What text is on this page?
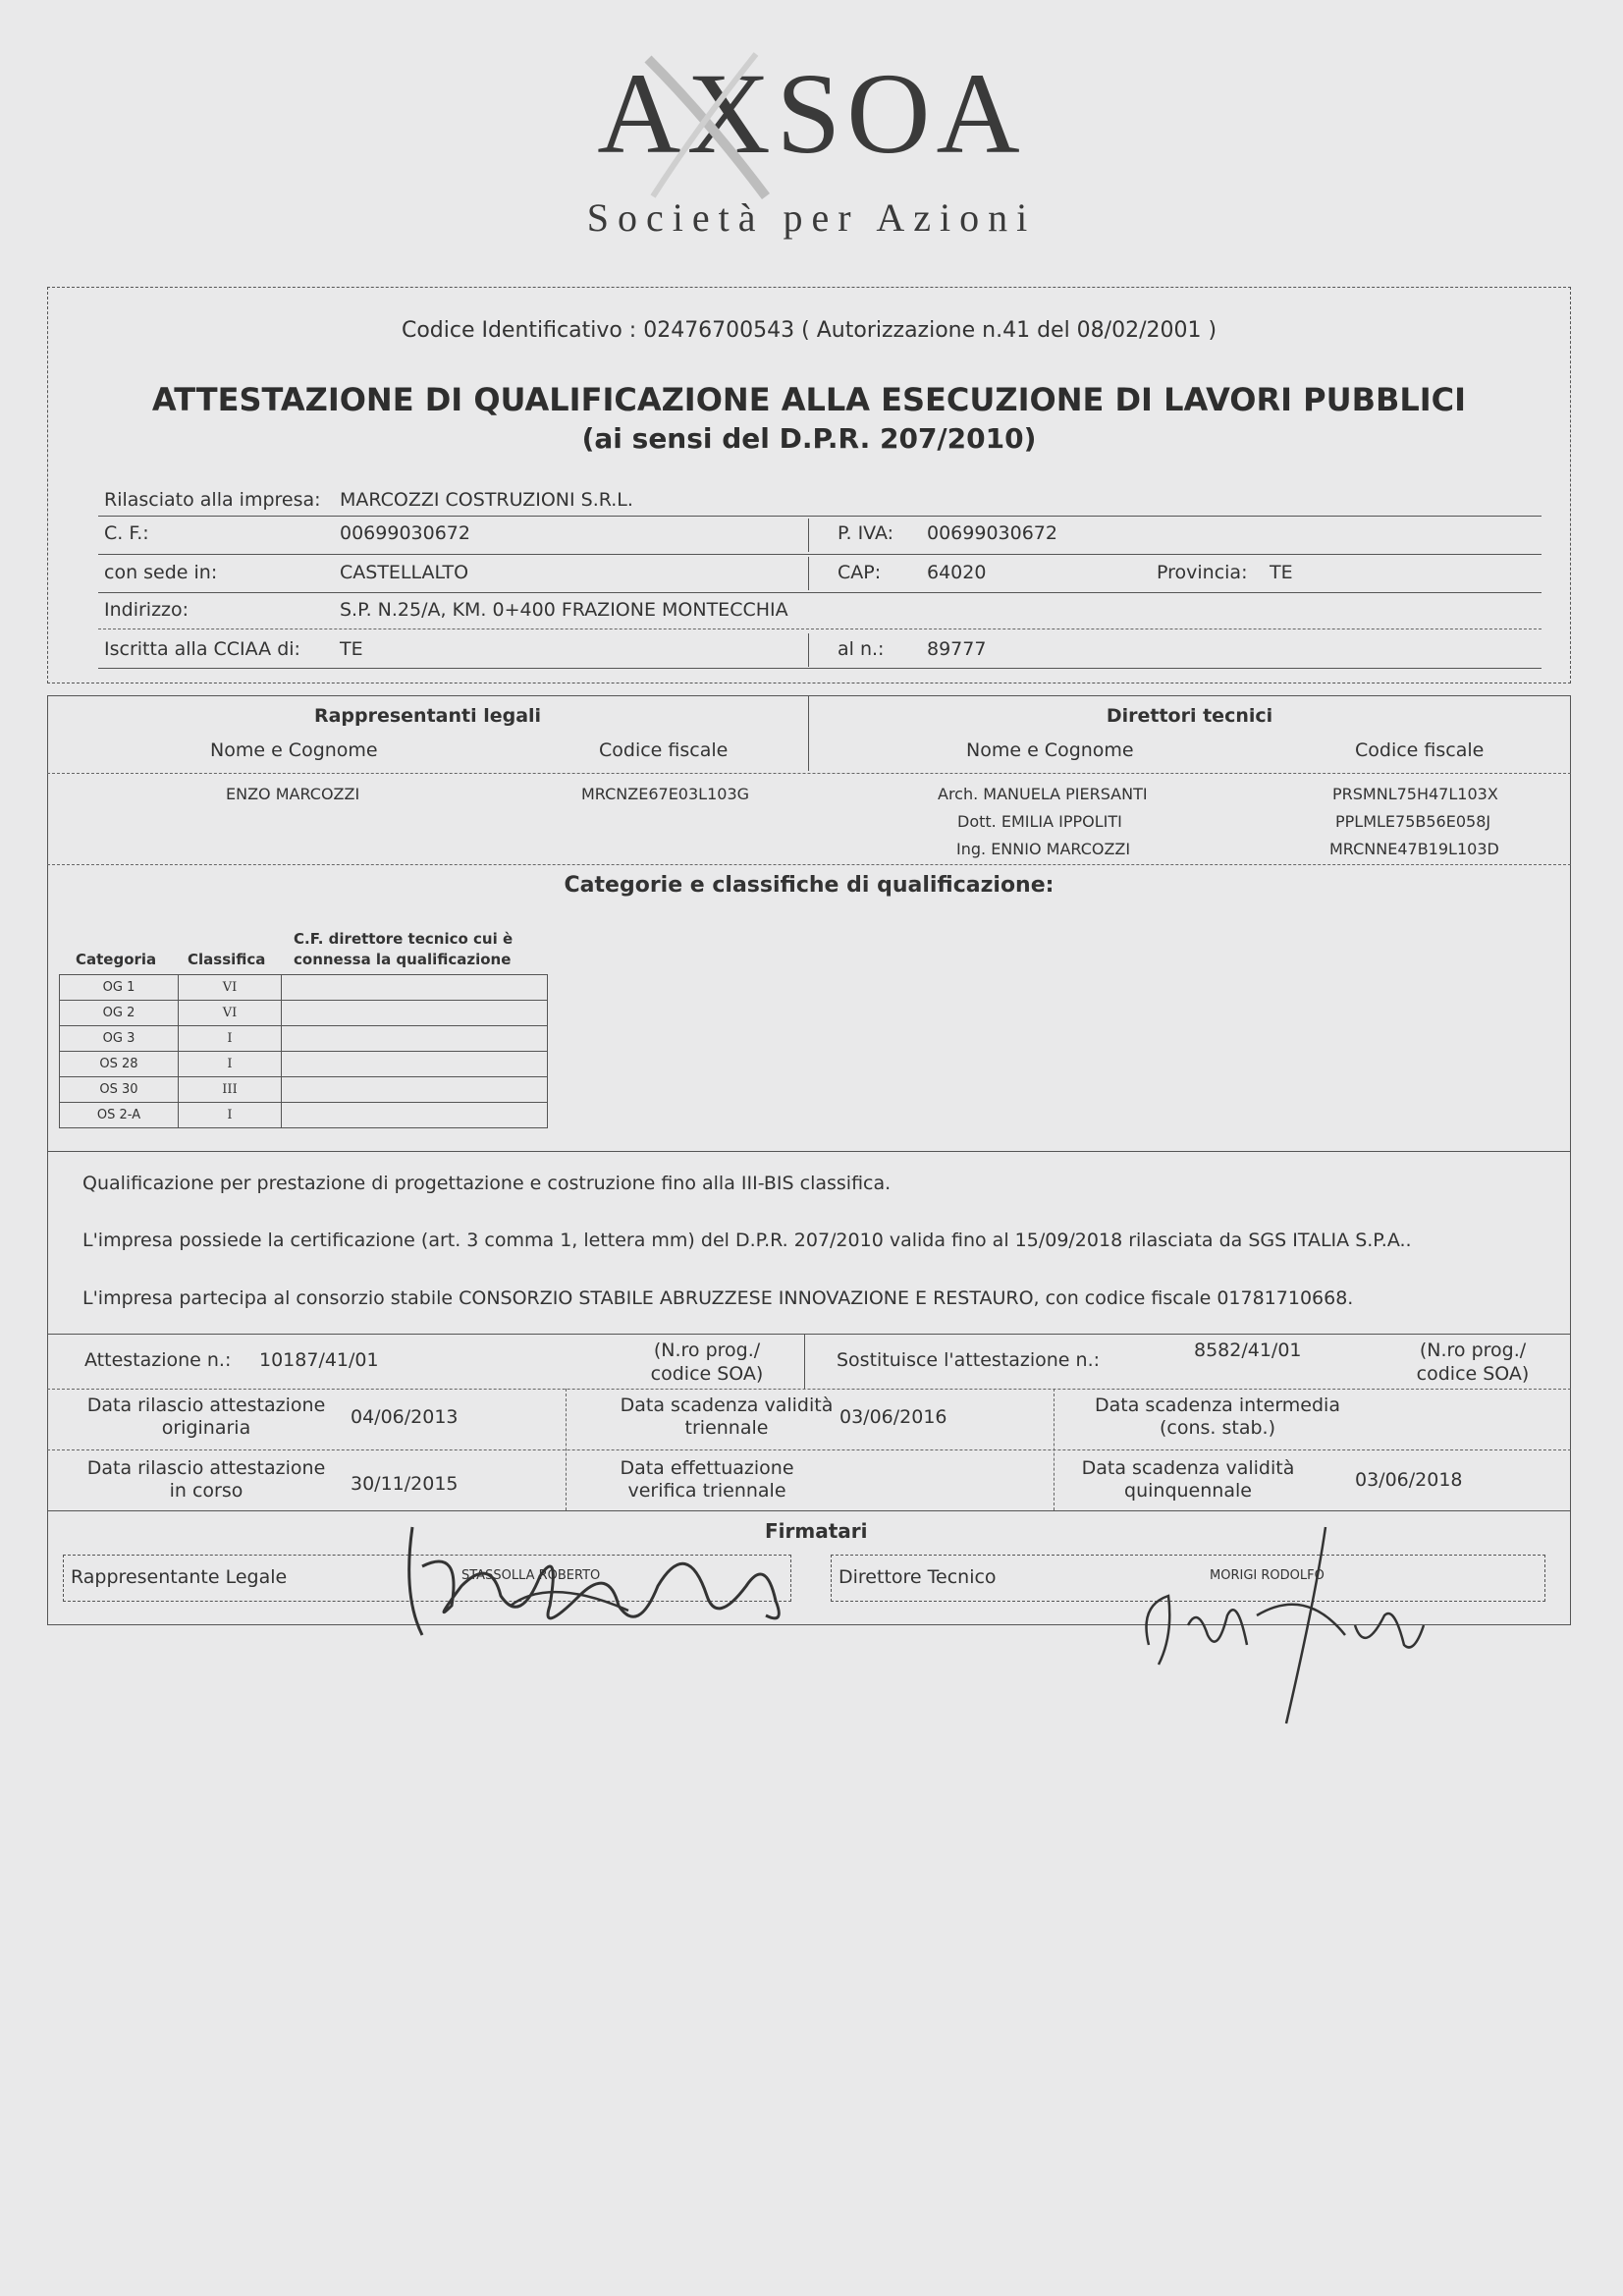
AXSOA
Società per Azioni
Codice Identificativo : 02476700543 ( Autorizzazione n.41 del 08/02/2001 )
ATTESTAZIONE DI QUALIFICAZIONE ALLA ESECUZIONE DI LAVORI PUBBLICI
(ai sensi del D.P.R. 207/2010)
Rilasciato alla impresa: MARCOZZI COSTRUZIONI S.R.L.
C. F.:	00699030672	P. IVA: 00699030672
con sede in:	CASTELLALTO	CAP: 64020	Provincia: TE
Indirizzo:	S.P. N.25/A, KM. 0+400 FRAZIONE MONTECCHIA
Iscritta alla CCIAA di: TE	al n.: 89777
Rappresentanti legali	Direttori tecnici
Nome e Cognome	Codice fiscale	Nome e Cognome	Codice fiscale
ENZO MARCOZZI	MRCNZE67E03L103G	Arch. MANUELA PIERSANTI	PRSMNL75H47L103X
Dott. EMILIA IPPOLITI	PPLMLE75B56E058J
Ing. ENNIO MARCOZZI	MRCNNE47B19L103D
Categorie e classifiche di qualificazione:
C.F. direttore tecnico cui è
connessa la qualificazione
Categoria Classifica
OG 1	VI	
OG 2	VI	
OG 3	I	
OS 28	I	
OS 30	III	
OS 2-A	I	
Qualificazione per prestazione di progettazione e costruzione fino alla III-BIS classifica.
L'impresa possiede la certificazione (art. 3 comma 1, lettera mm) del D.P.R. 207/2010 valida fino al 15/09/2018 rilasciata da SGS ITALIA S.P.A..
L'impresa partecipa al consorzio stabile CONSORZIO STABILE ABRUZZESE INNOVAZIONE E RESTAURO, con codice fiscale 01781710668.
Attestazione n.: 10187/41/01	(N.ro prog./
codice SOA)
Sostituisce l'attestazione n.:	8582/41/01	(N.ro prog./
codice SOA)
Data rilascio attestazione
originaria	04/06/2013
Data scadenza validità
triennale	03/06/2016
Data scadenza intermedia
(cons. stab.)
Data rilascio attestazione
in corso	30/11/2015
Data effettuazione
verifica triennale
Data scadenza validità
quinquennale	03/06/2018
Firmatari
Rappresentante Legale	STASSOLLA ROBERTO	Direttore Tecnico	MORIGI RODOLFO
